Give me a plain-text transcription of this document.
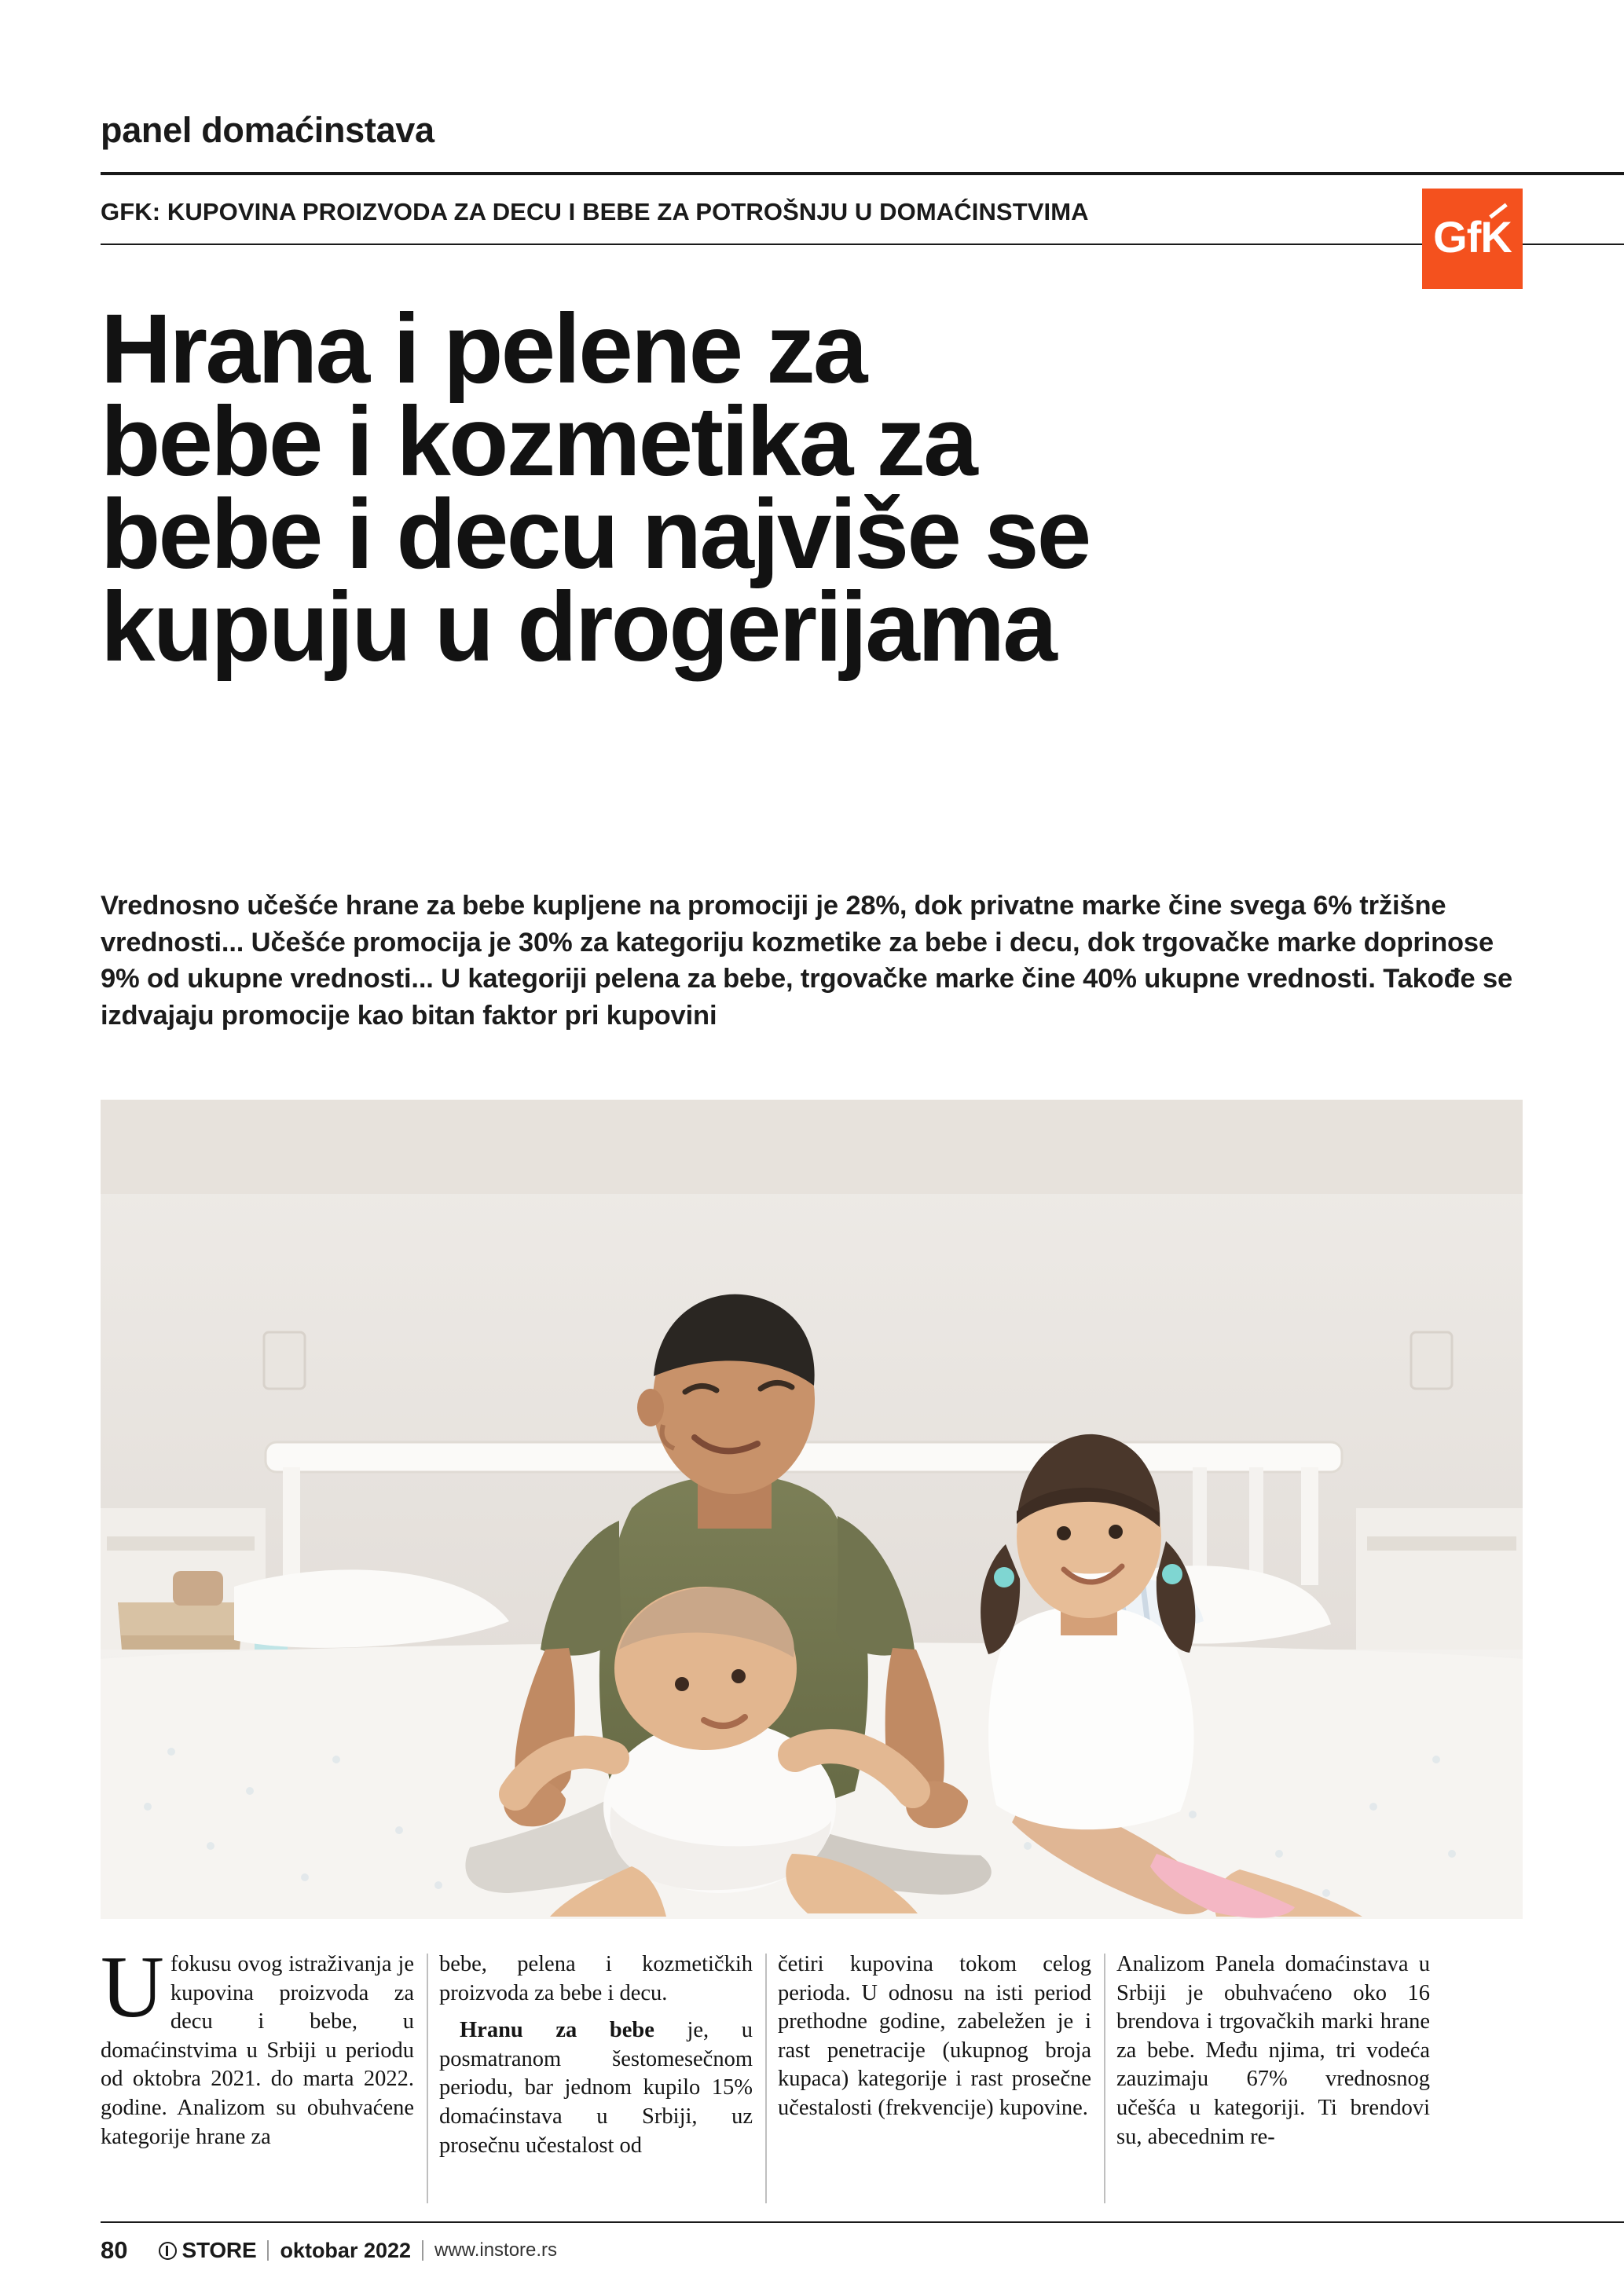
panel domaćinstava
GFK: KUPOVINA PROIZVODA ZA DECU I BEBE ZA POTROŠNJU U DOMAĆINSTVIMA	GfK
Hrana i pelene za
bebe i kozmetika za
bebe i decu najviše se
kupuju u drogerijama
Vrednosno učešće hrane za bebe kupljene na promociji je 28%, dok privatne marke čine svega 6% tržišne vrednosti... Učešće promocija je 30% za kategoriju kozmetike za bebe i decu, dok trgovačke marke doprinose 9% od ukupne vrednosti... U kategoriji pelena za bebe, trgovačke marke čine 40% ukupne vrednosti. Takođe se izdvajaju promocije kao bitan faktor pri kupovini
U fokusu ovog istraživanja je kupovina proizvoda za decu i bebe, u domaćinstvima u Srbiji u periodu od oktobra 2021. do marta 2022. godine. Analizom su obuhvaćene kategorije hrane za

bebe, pelena i kozmetičkih proizvoda za bebe i decu.

Hranu za bebe je, u posmatranom šestomesečnom periodu, bar jednom kupilo 15% domaćinstava u Srbiji, uz prosečnu učestalost od

četiri kupovina tokom celog perioda. U odnosu na isti period prethodne godine, zabeležen je i rast penetracije (ukupnog broja kupaca) kategorije i rast prosečne učestalosti (frekvencije) kupovine.

Analizom Panela domaćinstava u Srbiji je obuhvaćeno oko 16 brendova i trgovačkih marki hrane za bebe. Među njima, tri vodeća zauzimaju 67% vrednosnog učešća u kategoriji. Ti brendovi su, abecednim re-

80	STORE oktobar 2022 www.instore.rs
